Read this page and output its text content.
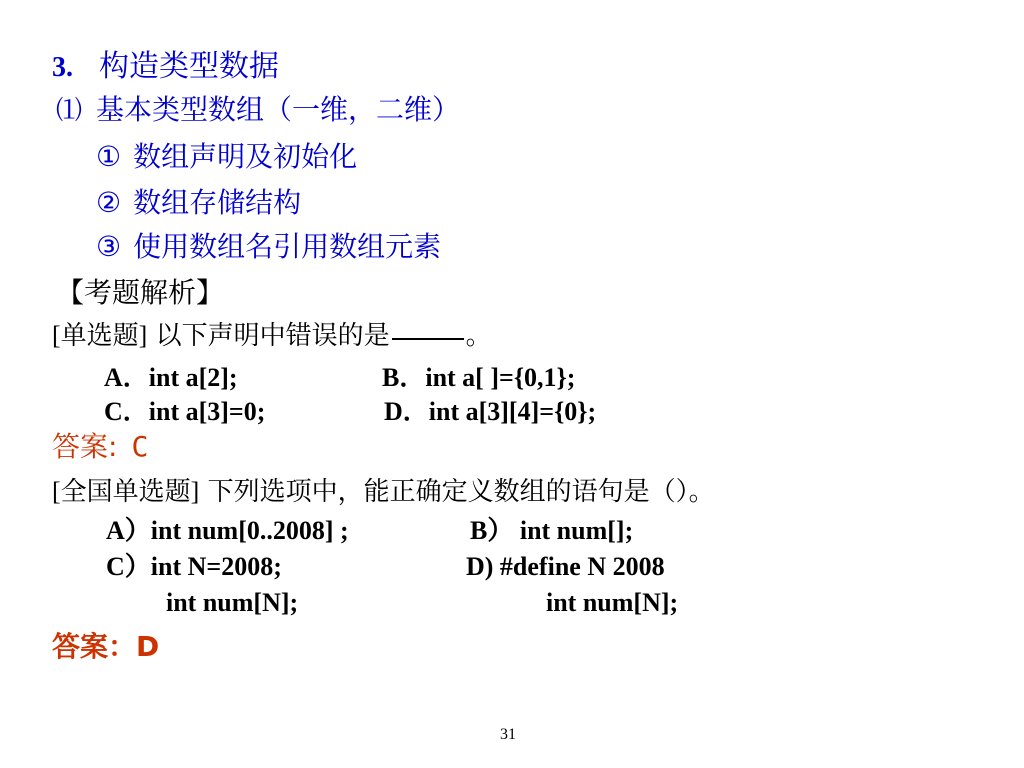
3. 构造类型数据
⑴ 基本类型数组（一维，二维）
① 数组声明及初始化
② 数组存储结构
③ 使用数组名引用数组元素
【考题解析】
[单选题] 以下声明中错误的是	。
A．int a[2];	B．int a[ ]={0,1};
C．int a[3]=0;	D．int a[3][4]={0};
答案: C
[全国单选题] 下列选项中，能正确定义数组的语句是（）。
A）int num[0..2008] ;	B） int num[];
C）int N=2008;	D) #define N 2008
int num[N];	int num[N];
答案：D
31
